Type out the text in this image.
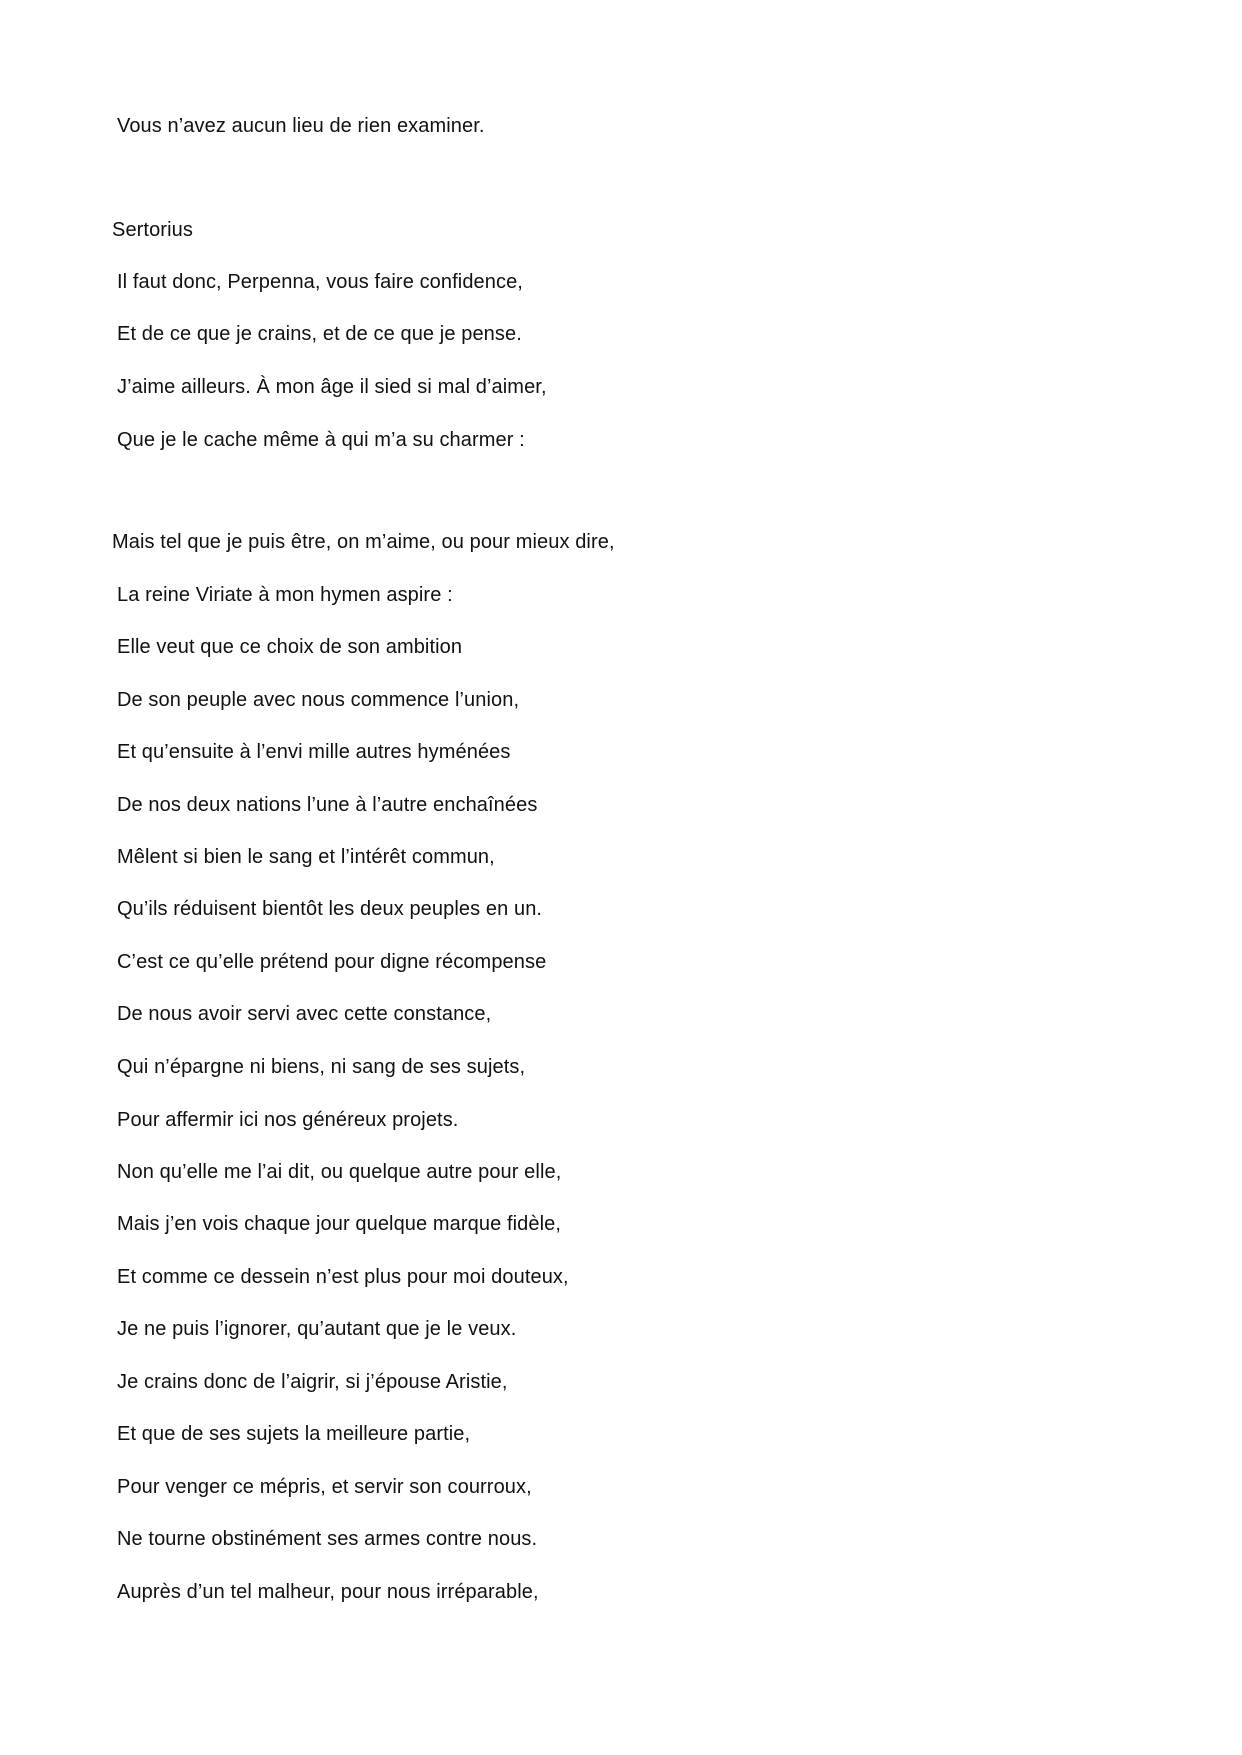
Vous n’avez aucun lieu de rien examiner.
Sertorius
Il faut donc, Perpenna, vous faire confidence,
Et de ce que je crains, et de ce que je pense.
J’aime ailleurs. À mon âge il sied si mal d’aimer,
Que je le cache même à qui m’a su charmer :
Mais tel que je puis être, on m’aime, ou pour mieux dire,
La reine Viriate à mon hymen aspire :
Elle veut que ce choix de son ambition
De son peuple avec nous commence l’union,
Et qu’ensuite à l’envi mille autres hyménées
De nos deux nations l’une à l’autre enchaînées
Mêlent si bien le sang et l’intérêt commun,
Qu’ils réduisent bientôt les deux peuples en un.
C’est ce qu’elle prétend pour digne récompense
De nous avoir servi avec cette constance,
Qui n’épargne ni biens, ni sang de ses sujets,
Pour affermir ici nos généreux projets.
Non qu’elle me l’ai dit, ou quelque autre pour elle,
Mais j’en vois chaque jour quelque marque fidèle,
Et comme ce dessein n’est plus pour moi douteux,
Je ne puis l’ignorer, qu’autant que je le veux.
Je crains donc de l’aigrir, si j’épouse Aristie,
Et que de ses sujets la meilleure partie,
Pour venger ce mépris, et servir son courroux,
Ne tourne obstinément ses armes contre nous.
Auprès d’un tel malheur, pour nous irréparable,
